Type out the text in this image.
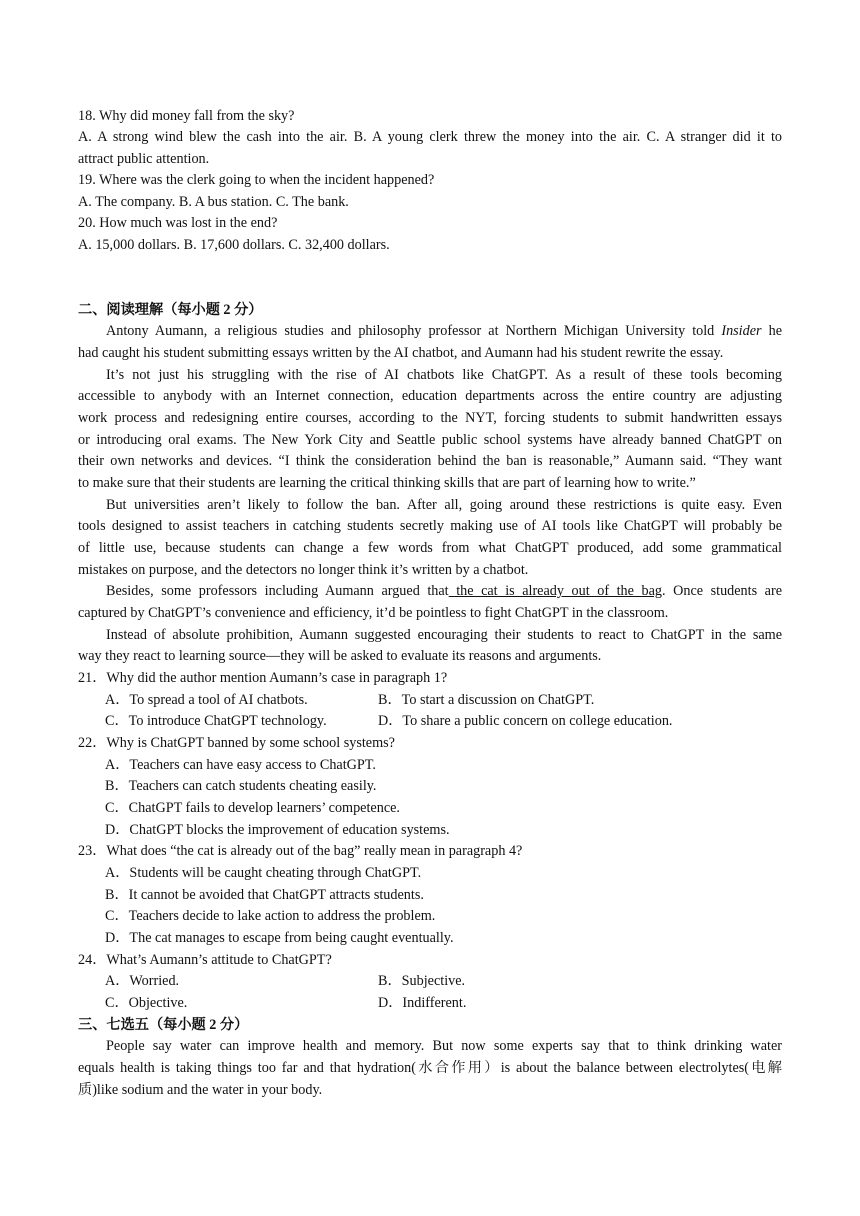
18. Why did money fall from the sky?
A. A strong wind blew the cash into the air. B. A young clerk threw the money into the air. C. A stranger did it to
attract public attention.
19. Where was the clerk going to when the incident happened?
A. The company. B. A bus station. C. The bank.
20. How much was lost in the end?
A. 15,000 dollars. B. 17,600 dollars. C. 32,400 dollars.
二、阅读理解（每小题 2 分）
Antony Aumann, a religious studies and philosophy professor at Northern Michigan University told Insider he
had caught his student submitting essays written by the AI chatbot, and Aumann had his student rewrite the essay.
It’s not just his struggling with the rise of AI chatbots like ChatGPT. As a result of these tools becoming
accessible to anybody with an Internet connection, education departments across the entire country are adjusting
work process and redesigning entire courses, according to the NYT, forcing students to submit handwritten essays
or introducing oral exams. The New York City and Seattle public school systems have already banned ChatGPT on
their own networks and devices. “I think the consideration behind the ban is reasonable,” Aumann said. “They want
to make sure that their students are learning the critical thinking skills that are part of learning how to write.”
But universities aren’t likely to follow the ban. After all, going around these restrictions is quite easy. Even
tools designed to assist teachers in catching students secretly making use of AI tools like ChatGPT will probably be
of little use, because students can change a few words from what ChatGPT produced, add some grammatical
mistakes on purpose, and the detectors no longer think it’s written by a chatbot.
Besides, some professors including Aumann argued that the cat is already out of the bag. Once students are
captured by ChatGPT’s convenience and efficiency, it’d be pointless to fight ChatGPT in the classroom.
Instead of absolute prohibition, Aumann suggested encouraging their students to react to ChatGPT in the same
way they react to learning source—they will be asked to evaluate its reasons and arguments.
21．Why did the author mention Aumann’s case in paragraph 1?
A．To spread a tool of AI chatbots.	B．To start a discussion on ChatGPT.
C．To introduce ChatGPT technology.	D．To share a public concern on college education.
22．Why is ChatGPT banned by some school systems?
A．Teachers can have easy access to ChatGPT.
B．Teachers can catch students cheating easily.
C．ChatGPT fails to develop learners’ competence.
D．ChatGPT blocks the improvement of education systems.
23．What does “the cat is already out of the bag” really mean in paragraph 4?
A．Students will be caught cheating through ChatGPT.
B．It cannot be avoided that ChatGPT attracts students.
C．Teachers decide to lake action to address the problem.
D．The cat manages to escape from being caught eventually.
24．What’s Aumann’s attitude to ChatGPT?
A．Worried.	B．Subjective.
C．Objective.	D．Indifferent.
三、七选五（每小题 2 分）
People say water can improve health and memory. But now some experts say that to think drinking water
equals health is taking things too far and that hydration(水合作用）is about the balance between electrolytes(电解
质)like sodium and the water in your body.
